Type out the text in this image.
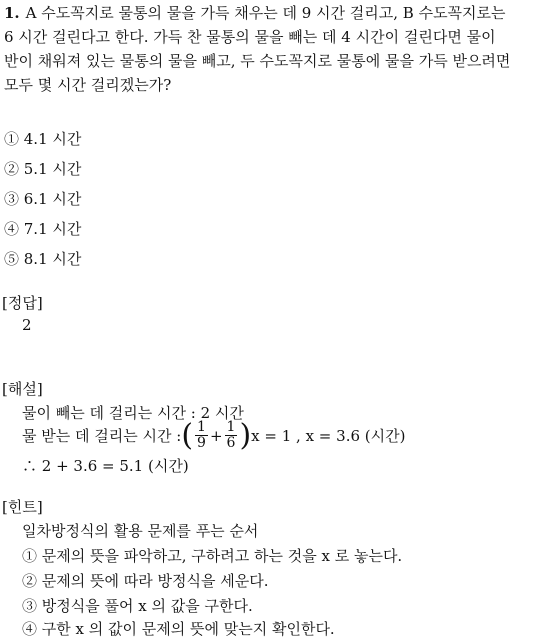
1. A 수도꼭지로 물통의 물을 가득 채우는 데 9 시간 걸리고, B 수도꼭지로는
6 시간 걸린다고 한다. 가득 찬 물통의 물을 빼는 데 4 시간이 걸린다면 물이
반이 채워져 있는 물통의 물을 빼고, 두 수도꼭지로 물통에 물을 가득 받으려면
모두 몇 시간 걸리겠는가?
① 4.1 시간
② 5.1 시간
③ 6.1 시간
④ 7.1 시간
⑤ 8.1 시간
[정답]
2
[해설]
물이 빼는 데 걸리는 시간 : 2 시간
물 받는 데 걸리는 시간 : ( $\frac{1}{9} + \frac{1}{6}$ ) x = 1 , x = 3.6 (시간)
∴ 2 + 3.6 = 5.1 (시간)
[힌트]
일차방정식의 활용 문제를 푸는 순서
① 문제의 뜻을 파악하고, 구하려고 하는 것을 x 로 놓는다.
② 문제의 뜻에 따라 방정식을 세운다.
③ 방정식을 풀어 x 의 값을 구한다.
④ 구한 x 의 값이 문제의 뜻에 맞는지 확인한다.
